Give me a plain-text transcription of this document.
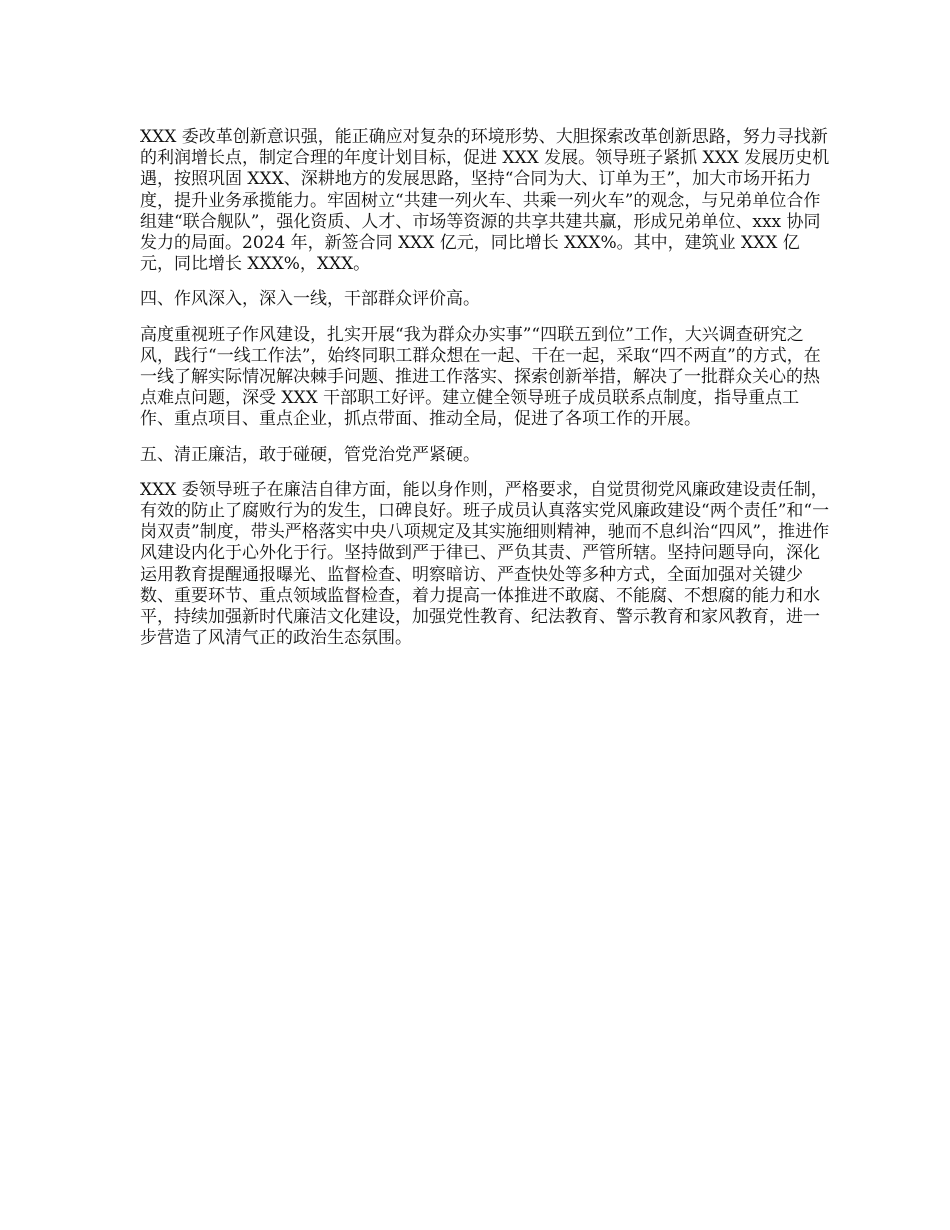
XXX 委改革创新意识强，能正确应对复杂的环境形势、大胆探索改革创新思路，努力寻找新的利润增长点，制定合理的年度计划目标，促进 XXX 发展。领导班子紧抓 XXX 发展历史机遇，按照巩固 XXX、深耕地方的发展思路，坚持“合同为大、订单为王”，加大市场开拓力度，提升业务承揽能力。牢固树立“共建一列火车、共乘一列火车”的观念，与兄弟单位合作组建“联合舰队”，强化资质、人才、市场等资源的共享共建共赢，形成兄弟单位、xxx 协同发力的局面。2024 年，新签合同 XXX 亿元，同比增长 XXX%。其中，建筑业 XXX 亿元，同比增长 XXX%，XXX。

四、作风深入，深入一线，干部群众评价高。

高度重视班子作风建设，扎实开展“我为群众办实事”“四联五到位”工作，大兴调查研究之风，践行“一线工作法”，始终同职工群众想在一起、干在一起，采取“四不两直”的方式，在一线了解实际情况解决棘手问题、推进工作落实、探索创新举措，解决了一批群众关心的热点难点问题，深受 XXX 干部职工好评。建立健全领导班子成员联系点制度，指导重点工作、重点项目、重点企业，抓点带面、推动全局，促进了各项工作的开展。

五、清正廉洁，敢于碰硬，管党治党严紧硬。

XXX 委领导班子在廉洁自律方面，能以身作则，严格要求，自觉贯彻党风廉政建设责任制，有效的防止了腐败行为的发生，口碑良好。班子成员认真落实党风廉政建设“两个责任”和“一岗双责”制度，带头严格落实中央八项规定及其实施细则精神，驰而不息纠治“四风”，推进作风建设内化于心外化于行。坚持做到严于律已、严负其责、严管所辖。坚持问题导向，深化运用教育提醒通报曝光、监督检查、明察暗访、严查快处等多种方式，全面加强对关键少数、重要环节、重点领域监督检查，着力提高一体推进不敢腐、不能腐、不想腐的能力和水平，持续加强新时代廉洁文化建设，加强党性教育、纪法教育、警示教育和家风教育，进一步营造了风清气正的政治生态氛围。
